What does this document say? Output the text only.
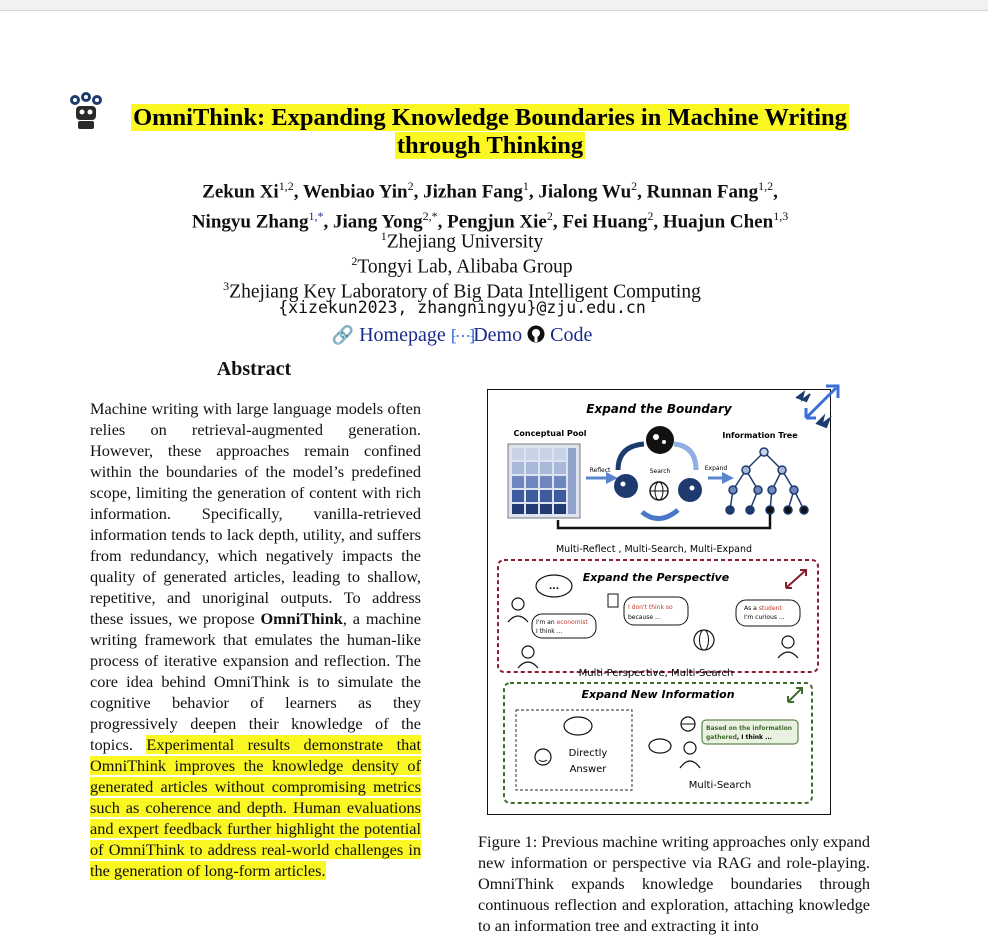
OmniThink: Expanding Knowledge Boundaries in Machine Writing
through Thinking
Zekun Xi$^{1,2}$, Wenbiao Yin$^2$, Jizhan Fang$^1$, Jialong Wu$^2$, Runnan Fang$^{1,2}$,
Ningyu Zhang$^{1,*}$, Jiang Yong$^{2,*}$, Pengjun Xie$^2$, Fei Huang$^2$, Huajun Chen$^{1,3}$
$^1$Zhejiang University
$^2$Tongyi Lab, Alibaba Group
$^3$Zhejiang Key Laboratory of Big Data Intelligent Computing
{xizekun2023, zhangningyu}@zju.edu.cn
🔗 Homepage ⁅⋯⁆Demo Code
Abstract
Machine writing with large language models often relies on retrieval-augmented generation. However, these approaches remain confined within the boundaries of the model’s predefined scope, limiting the generation of content with rich information. Specifically, vanilla-retrieved information tends to lack depth, utility, and suffers from redundancy, which negatively impacts the quality of generated articles, leading to shallow, repetitive, and unoriginal outputs. To address these issues, we propose OmniThink, a machine writing framework that emulates the human-like process of iterative expansion and reflection. The core idea behind OmniThink is to simulate the cognitive behavior of learners as they progressively deepen their knowledge of the topics. Experimental results demonstrate that OmniThink improves the knowledge density of generated articles without compromising metrics such as coherence and depth. Human evaluations and expert feedback further highlight the potential of OmniThink to address real-world challenges in the generation of long-form articles.
Expand the Boundary
Conceptual Pool	Information Tree
Reflect	Search	Expand
Multi-Reflect , Multi-Search, Multi-Expand
Expand the Perspective
...
I'm an economist
I think ...
I don't think so
because ...
As a student
I'm curious ...
Multi-Perspective, Multi-Search
Expand New Information
Directly
Answer
Based on the information
gathered, I think ...
Multi-Search
Figure 1: Previous machine writing approaches only expand new information or perspective via RAG and role-playing. OmniThink expands knowledge boundaries through continuous reflection and exploration, attaching knowledge to an information tree and extracting it into
